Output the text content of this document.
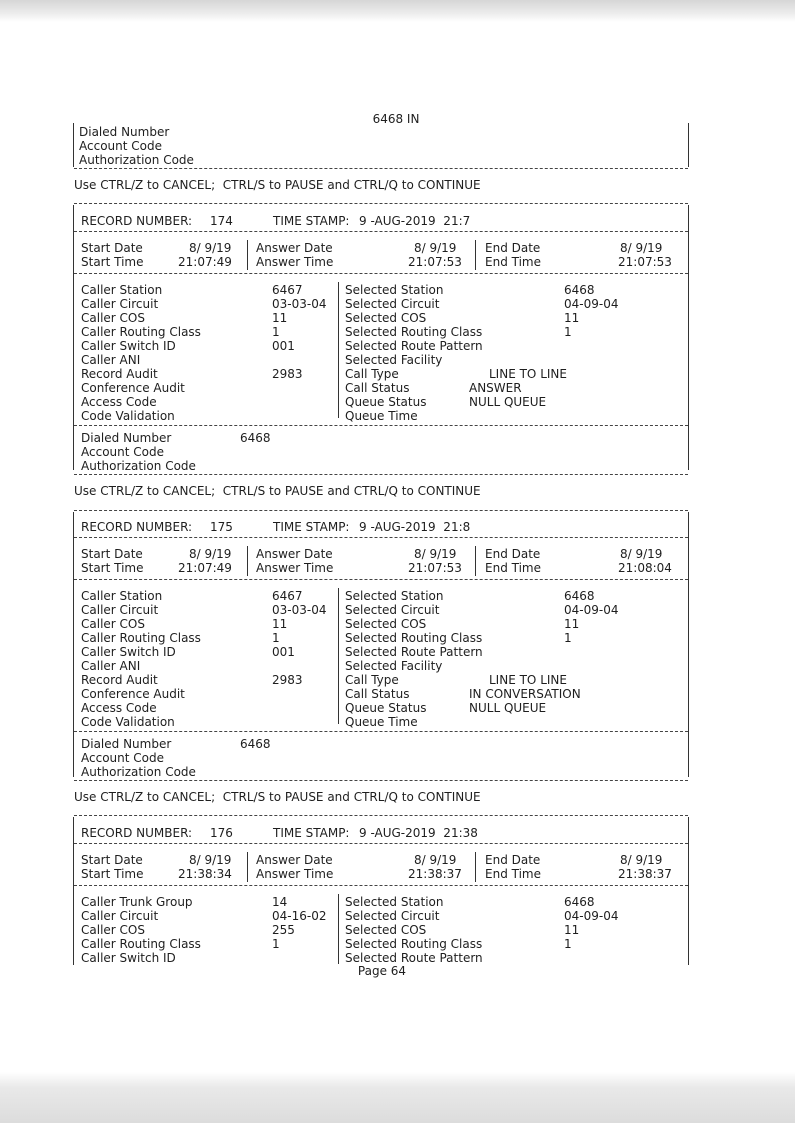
6468 IN
Dialed Number
Account Code
Authorization Code
Use CTRL/Z to CANCEL;  CTRL/S to PAUSE and CTRL/Q to CONTINUE
RECORD NUMBER: 174	TIME STAMP: 9 -AUG-2019  21:7
Start Date	8/ 9/19
Start Time	21:07:49
Answer Date	8/ 9/19
Answer Time	21:07:53
End Date	8/ 9/19
End Time	21:07:53
Caller Station	6467
Caller Circuit	03-03-04
Caller COS	11
Caller Routing Class	1
Caller Switch ID	001
Caller ANI
Record Audit	2983
Conference Audit
Access Code
Code Validation
Selected Station	6468
Selected Circuit	04-09-04
Selected COS	11
Selected Routing Class	1
Selected Route Pattern
Selected Facility
Call Type	LINE TO LINE
Call Status	ANSWER
Queue Status	NULL QUEUE
Queue Time
Dialed Number	6468
Account Code
Authorization Code
Use CTRL/Z to CANCEL;  CTRL/S to PAUSE and CTRL/Q to CONTINUE
RECORD NUMBER: 175	TIME STAMP: 9 -AUG-2019  21:8
Start Date	8/ 9/19
Start Time	21:07:49
Answer Date	8/ 9/19
Answer Time	21:07:53
End Date	8/ 9/19
End Time	21:08:04
Caller Station	6467
Caller Circuit	03-03-04
Caller COS	11
Caller Routing Class	1
Caller Switch ID	001
Caller ANI
Record Audit	2983
Conference Audit
Access Code
Code Validation
Selected Station	6468
Selected Circuit	04-09-04
Selected COS	11
Selected Routing Class	1
Selected Route Pattern
Selected Facility
Call Type	LINE TO LINE
Call Status	IN CONVERSATION
Queue Status	NULL QUEUE
Queue Time
Dialed Number	6468
Account Code
Authorization Code
Use CTRL/Z to CANCEL;  CTRL/S to PAUSE and CTRL/Q to CONTINUE
RECORD NUMBER: 176	TIME STAMP: 9 -AUG-2019  21:38
Start Date	8/ 9/19
Start Time	21:38:34
Answer Date	8/ 9/19
Answer Time	21:38:37
End Date	8/ 9/19
End Time	21:38:37
Caller Trunk Group	14
Caller Circuit	04-16-02
Caller COS	255
Caller Routing Class	1
Caller Switch ID
Selected Station	6468
Selected Circuit	04-09-04
Selected COS	11
Selected Routing Class	1
Selected Route Pattern
Page 64
